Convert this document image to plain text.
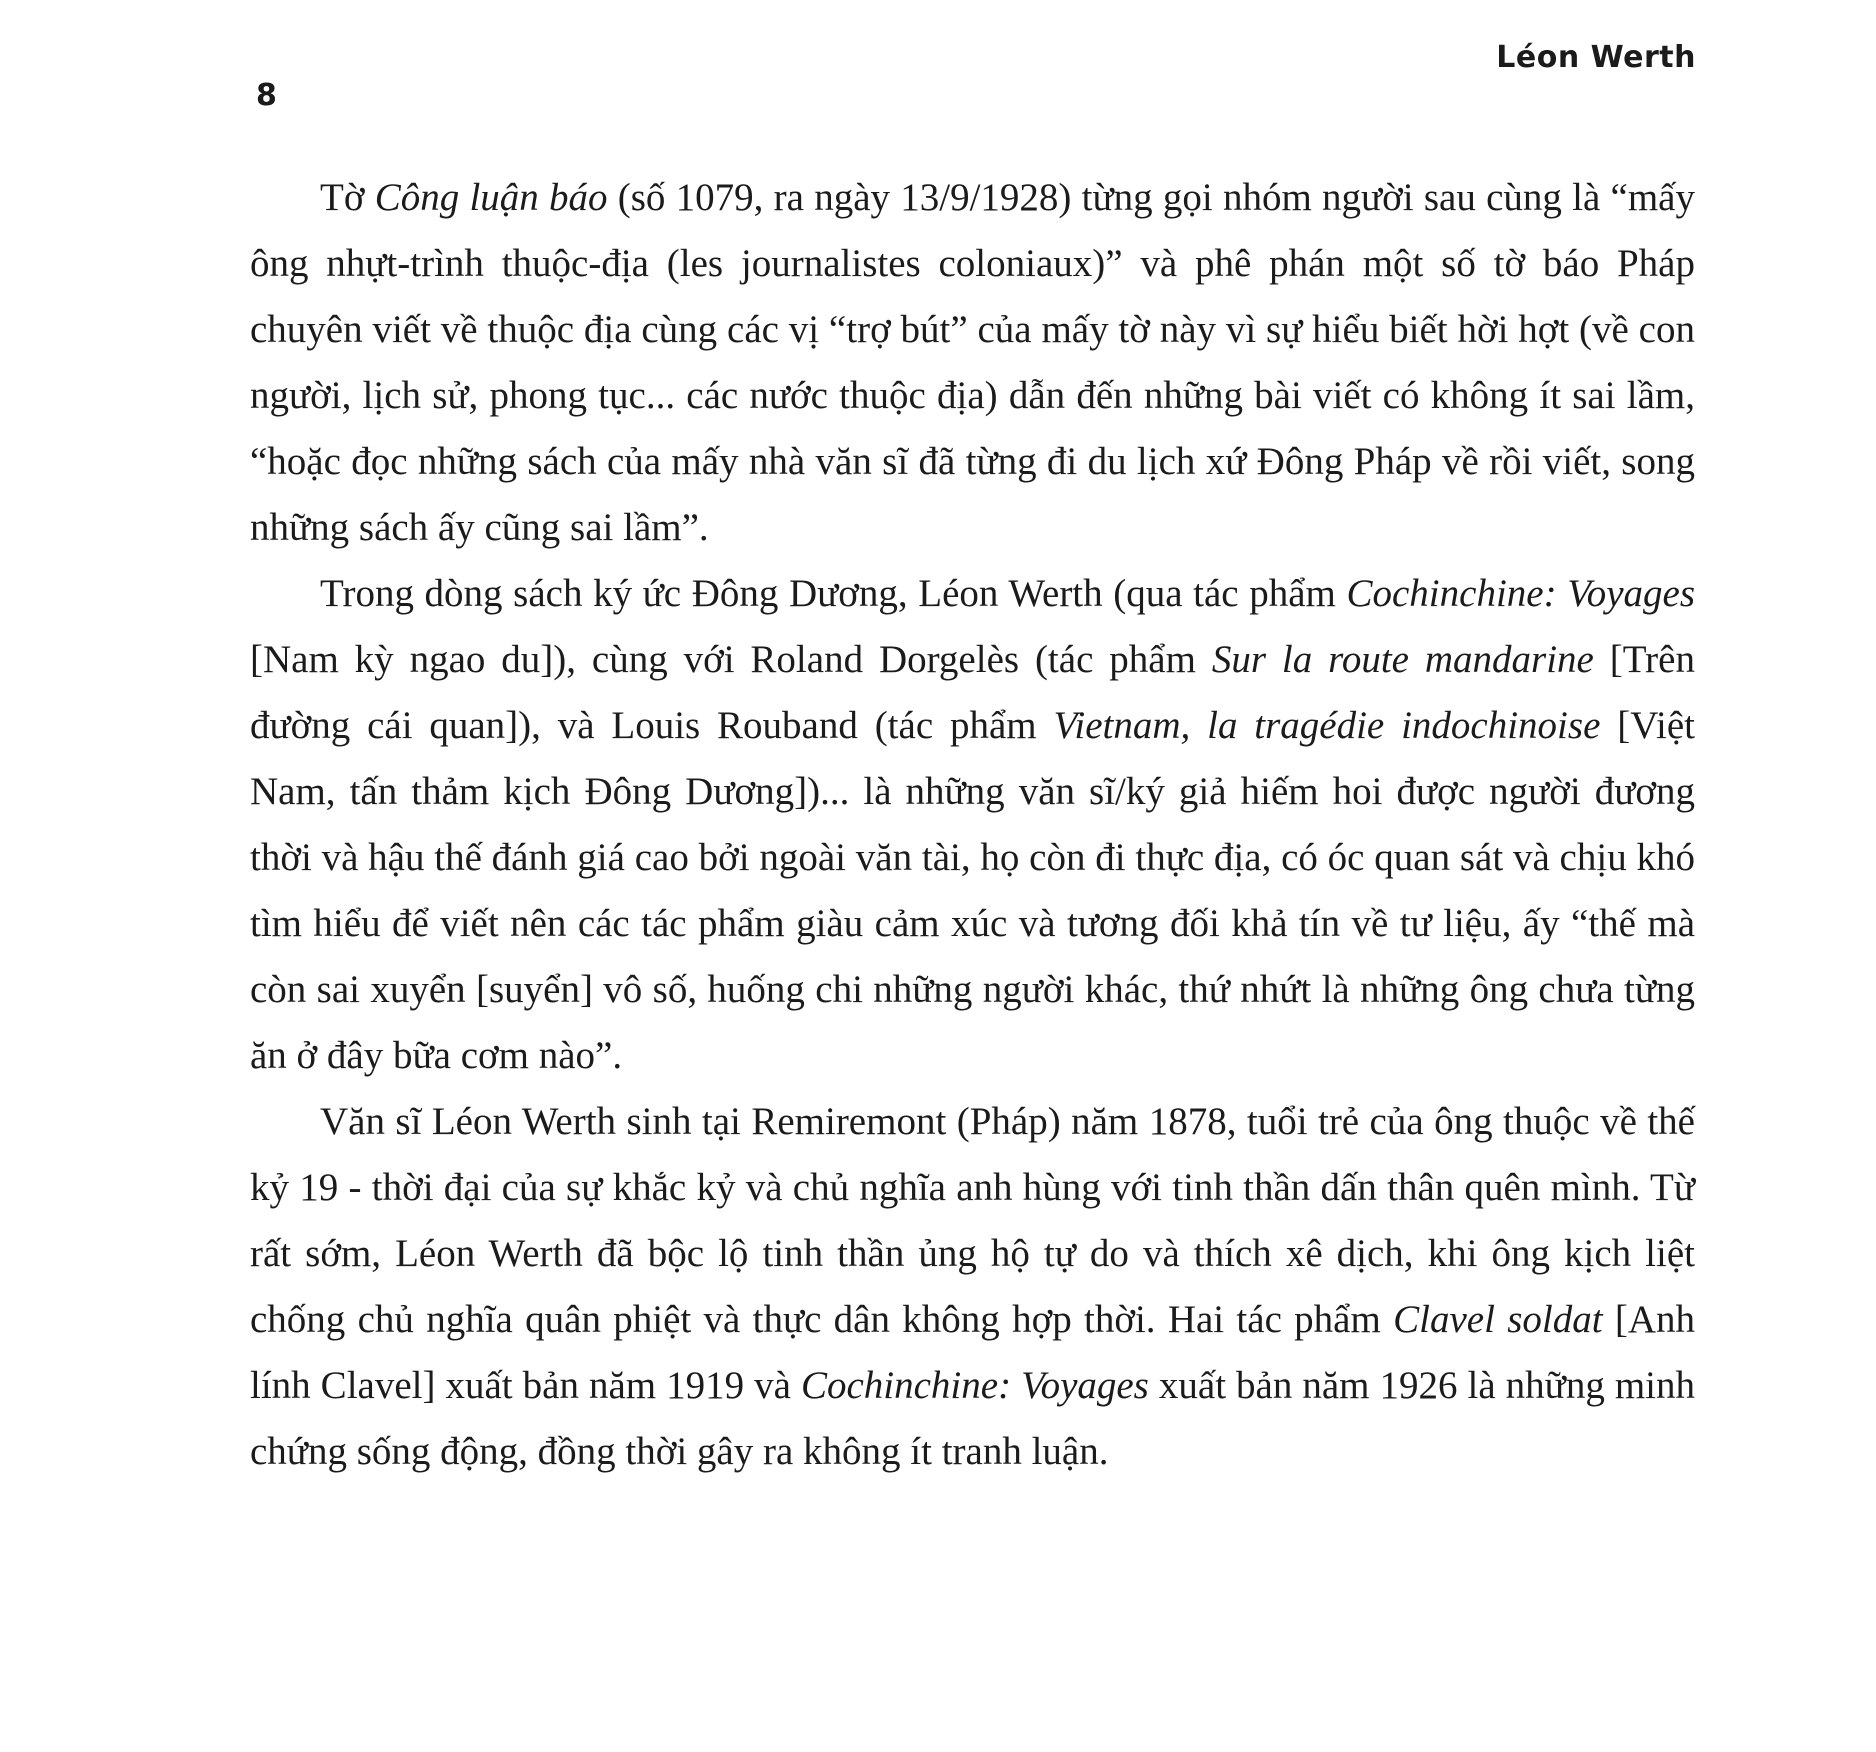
Léon Werth
8

Tờ Công luận báo (số 1079, ra ngày 13/9/1928) từng gọi nhóm người sau cùng là “mấy ông nhựt-trình thuộc-địa (les journalistes coloniaux)” và phê phán một số tờ báo Pháp chuyên viết về thuộc địa cùng các vị “trợ bút” của mấy tờ này vì sự hiểu biết hời hợt (về con người, lịch sử, phong tục... các nước thuộc địa) dẫn đến những bài viết có không ít sai lầm, “hoặc đọc những sách của mấy nhà văn sĩ đã từng đi du lịch xứ Đông Pháp về rồi viết, song những sách ấy cũng sai lầm”.

Trong dòng sách ký ức Đông Dương, Léon Werth (qua tác phẩm Cochinchine: Voyages [Nam kỳ ngao du]), cùng với Roland Dorgelès (tác phẩm Sur la route mandarine [Trên đường cái quan]), và Louis Rouband (tác phẩm Vietnam, la tragédie indochinoise [Việt Nam, tấn thảm kịch Đông Dương])... là những văn sĩ/ký giả hiếm hoi được người đương thời và hậu thế đánh giá cao bởi ngoài văn tài, họ còn đi thực địa, có óc quan sát và chịu khó tìm hiểu để viết nên các tác phẩm giàu cảm xúc và tương đối khả tín về tư liệu, ấy “thế mà còn sai xuyển [suyển] vô số, huống chi những người khác, thứ nhứt là những ông chưa từng ăn ở đây bữa cơm nào”.

Văn sĩ Léon Werth sinh tại Remiremont (Pháp) năm 1878, tuổi trẻ của ông thuộc về thế kỷ 19 - thời đại của sự khắc kỷ và chủ nghĩa anh hùng với tinh thần dấn thân quên mình. Từ rất sớm, Léon Werth đã bộc lộ tinh thần ủng hộ tự do và thích xê dịch, khi ông kịch liệt chống chủ nghĩa quân phiệt và thực dân không hợp thời. Hai tác phẩm Clavel soldat [Anh lính Clavel] xuất bản năm 1919 và Cochinchine: Voyages xuất bản năm 1926 là những minh chứng sống động, đồng thời gây ra không ít tranh luận.
